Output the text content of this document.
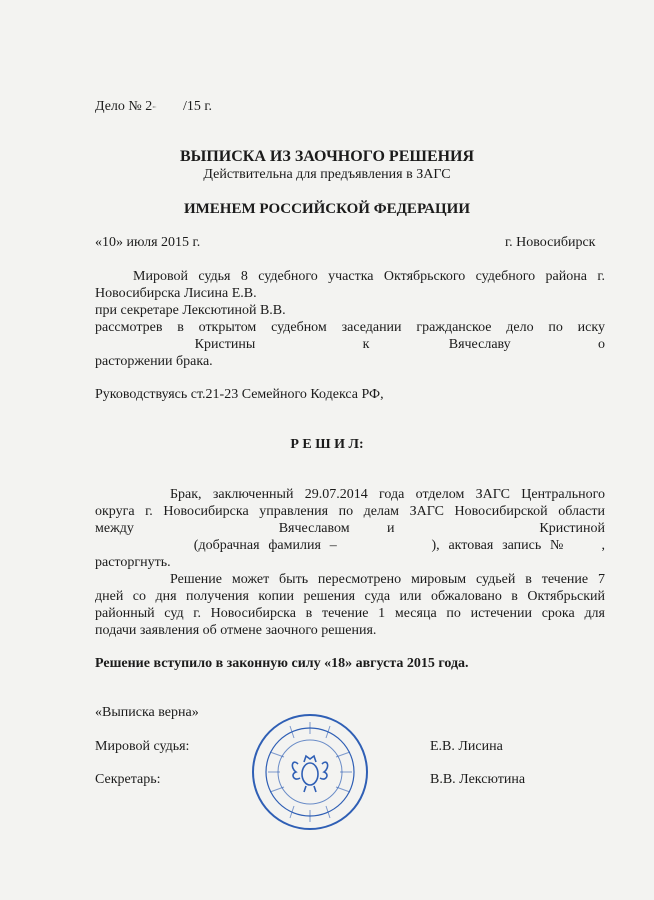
Дело № 2- /15 г.
ВЫПИСКА ИЗ ЗАОЧНОГО РЕШЕНИЯ
Действительна для предъявления в ЗАГС
ИМЕНЕМ РОССИЙСКОЙ ФЕДЕРАЦИИ
«10» июля 2015 г.	г. Новосибирск
Мировой судья 8 судебного участка Октябрьского судебного района г.
Новосибирска Лисина Е.В.
при секретаре Лексютиной В.В.
рассмотрев в открытом судебном заседании гражданское дело по иску
Кристины	к	Вячеславу	о
расторжении брака.
Руководствуясь ст.21-23 Семейного Кодекса РФ,
Р Е Ш И Л:
Брак, заключенный 29.07.2014 года отделом ЗАГС Центрального
округа г. Новосибирска управления по делам ЗАГС Новосибирской области
между	Вячеславом	и	Кристиной
(добрачная фамилия –	), актовая запись № ,
расторгнуть.
Решение может быть пересмотрено мировым судьей в течение 7
дней со дня получения копии решения суда или обжаловано в Октябрьский
районный суд г. Новосибирска в течение 1 месяца по истечении срока для
подачи заявления об отмене заочного решения.
Решение вступило в законную силу «18» августа 2015 года.
«Выписка верна»
Мировой судья:	Е.В. Лисина
Секретарь:	В.В. Лексютина
